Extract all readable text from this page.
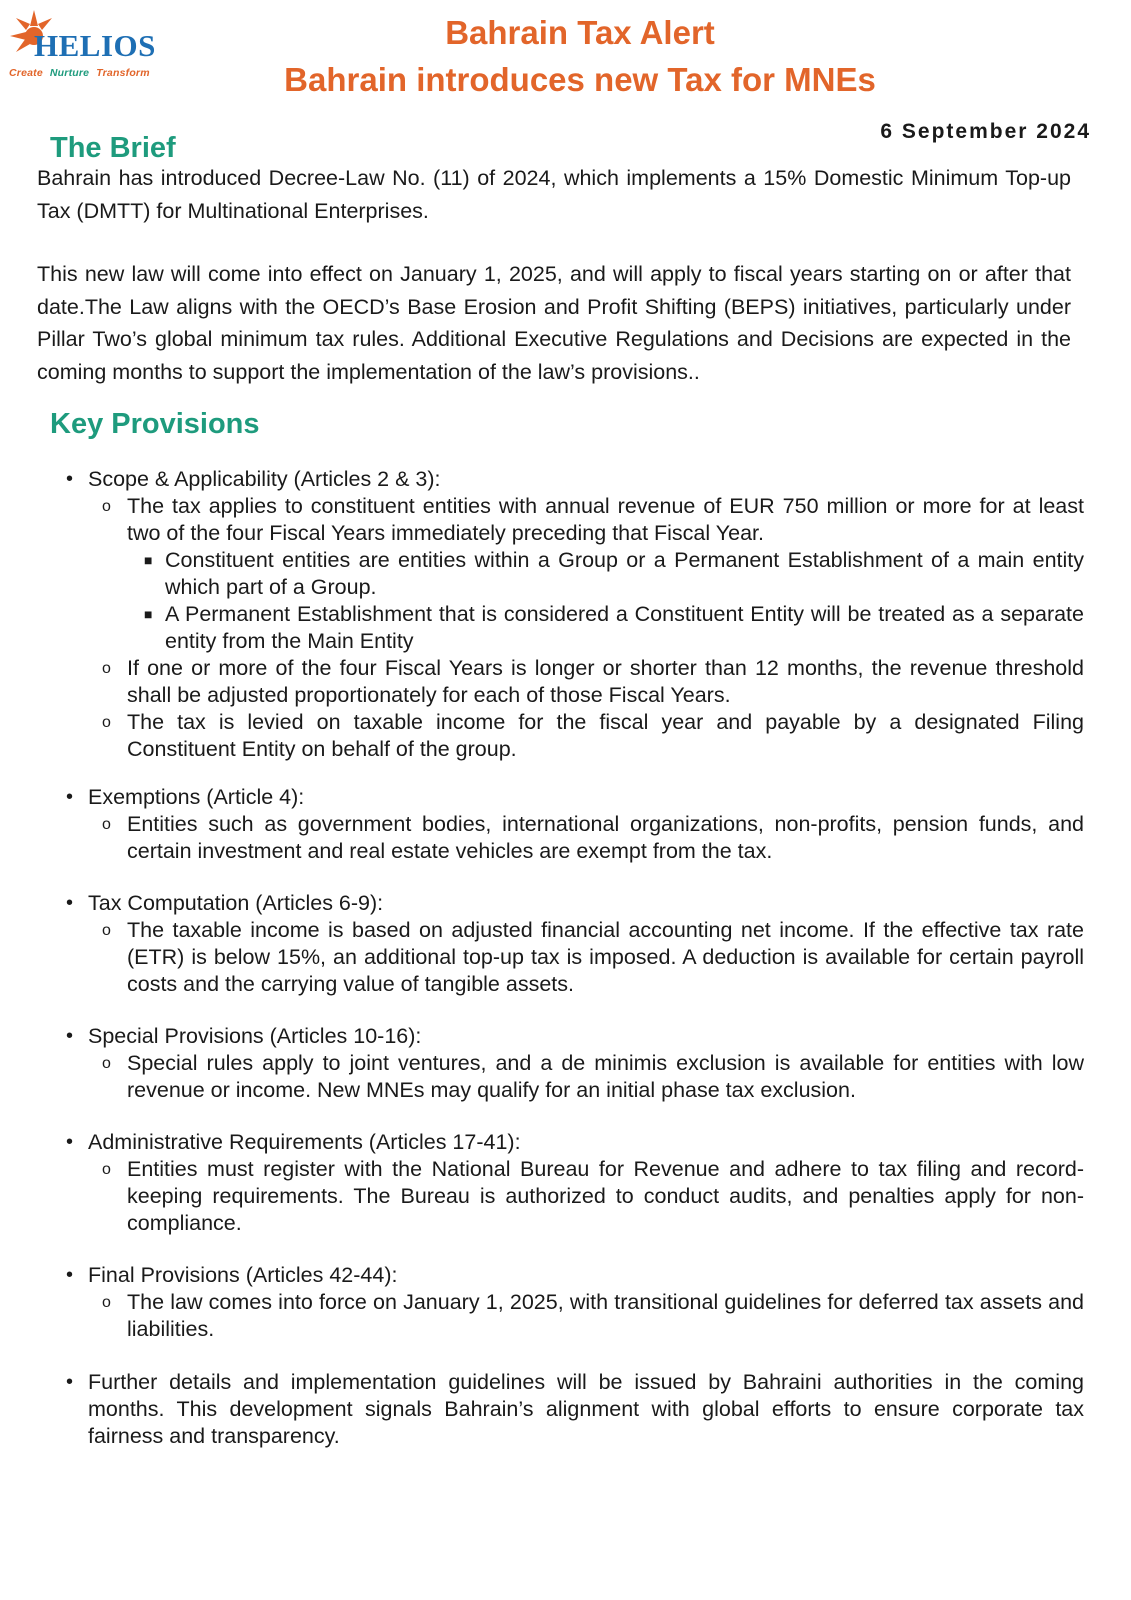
HELIOS
Create Nurture Transform
Bahrain Tax Alert
Bahrain introduces new Tax for MNEs
6 September 2024
The Brief
Bahrain has introduced Decree-Law No. (11) of 2024, which implements a 15% Domestic Minimum Top-up Tax (DMTT) for Multinational Enterprises.
This new law will come into effect on January 1, 2025, and will apply to fiscal years starting on or after that date.The Law aligns with the OECD’s Base Erosion and Profit Shifting (BEPS) initiatives, particularly under Pillar Two’s global minimum tax rules. Additional Executive Regulations and Decisions are expected in the coming months to support the implementation of the law’s provisions..
Key Provisions
• Scope & Applicability (Articles 2 & 3):
o The tax applies to constituent entities with annual revenue of EUR 750 million or more for at least two of the four Fiscal Years immediately preceding that Fiscal Year.
■ Constituent entities are entities within a Group or a Permanent Establishment of a main entity which part of a Group.
■ A Permanent Establishment that is considered a Constituent Entity will be treated as a separate entity from the Main Entity
o If one or more of the four Fiscal Years is longer or shorter than 12 months, the revenue threshold shall be adjusted proportionately for each of those Fiscal Years.
o The tax is levied on taxable income for the fiscal year and payable by a designated Filing Constituent Entity on behalf of the group.
• Exemptions (Article 4):
o Entities such as government bodies, international organizations, non-profits, pension funds, and certain investment and real estate vehicles are exempt from the tax.
• Tax Computation (Articles 6-9):
o The taxable income is based on adjusted financial accounting net income. If the effective tax rate (ETR) is below 15%, an additional top-up tax is imposed. A deduction is available for certain payroll costs and the carrying value of tangible assets.
• Special Provisions (Articles 10-16):
o Special rules apply to joint ventures, and a de minimis exclusion is available for entities with low revenue or income. New MNEs may qualify for an initial phase tax exclusion.
• Administrative Requirements (Articles 17-41):
o Entities must register with the National Bureau for Revenue and adhere to tax filing and record-keeping requirements. The Bureau is authorized to conduct audits, and penalties apply for non-compliance.
• Final Provisions (Articles 42-44):
o The law comes into force on January 1, 2025, with transitional guidelines for deferred tax assets and liabilities.
• Further details and implementation guidelines will be issued by Bahraini authorities in the coming months. This development signals Bahrain’s alignment with global efforts to ensure corporate tax fairness and transparency.
